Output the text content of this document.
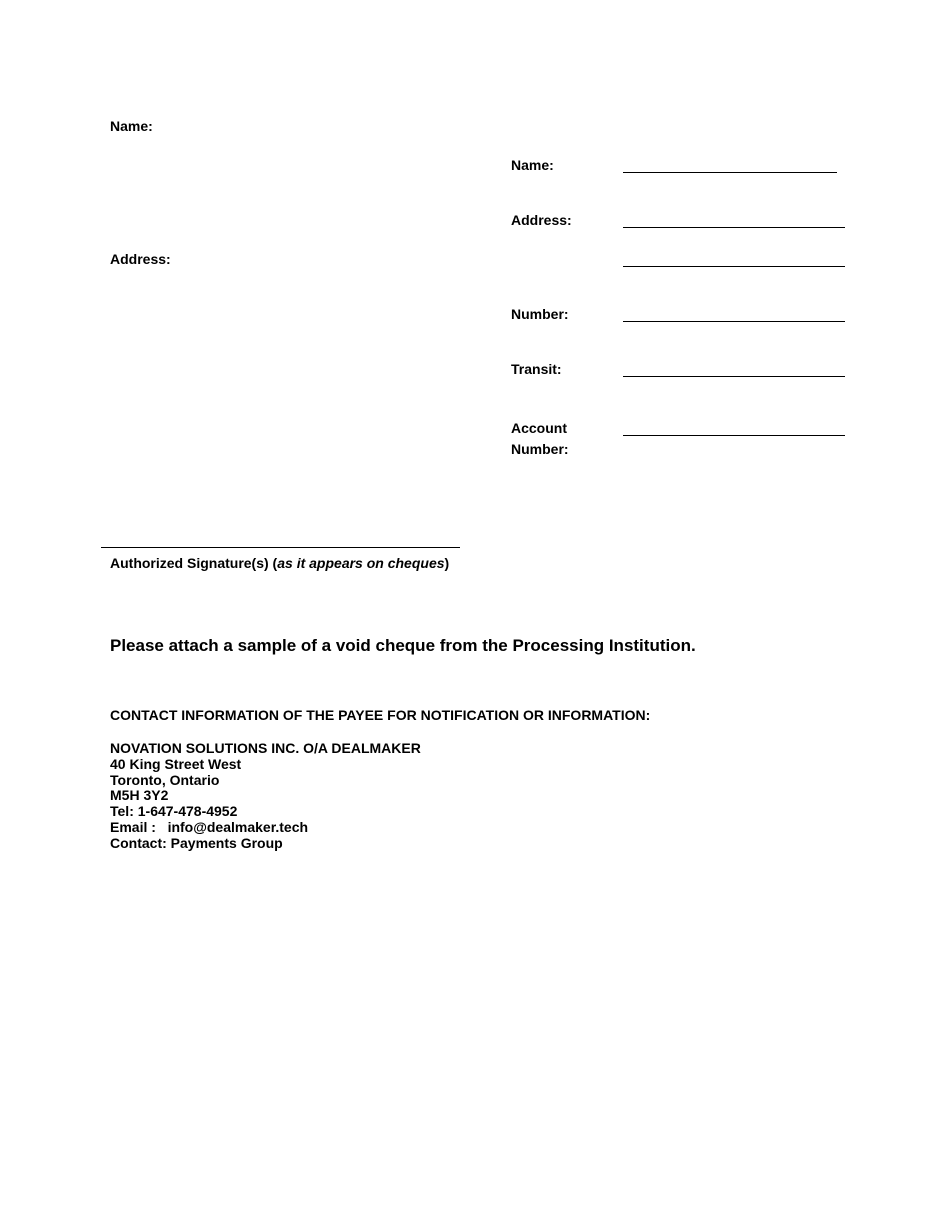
Name:
Address:
Name:
Address:
Number:
Transit:
Account
Number:
Authorized Signature(s) (as it appears on cheques)
Please attach a sample of a void cheque from the Processing Institution.
CONTACT INFORMATION OF THE PAYEE FOR NOTIFICATION OR INFORMATION:
NOVATION SOLUTIONS INC. O/A DEALMAKER
40 King Street West
Toronto, Ontario
M5H 3Y2
Tel: 1-647-478-4952
Email :   info@dealmaker.tech
Contact: Payments Group
